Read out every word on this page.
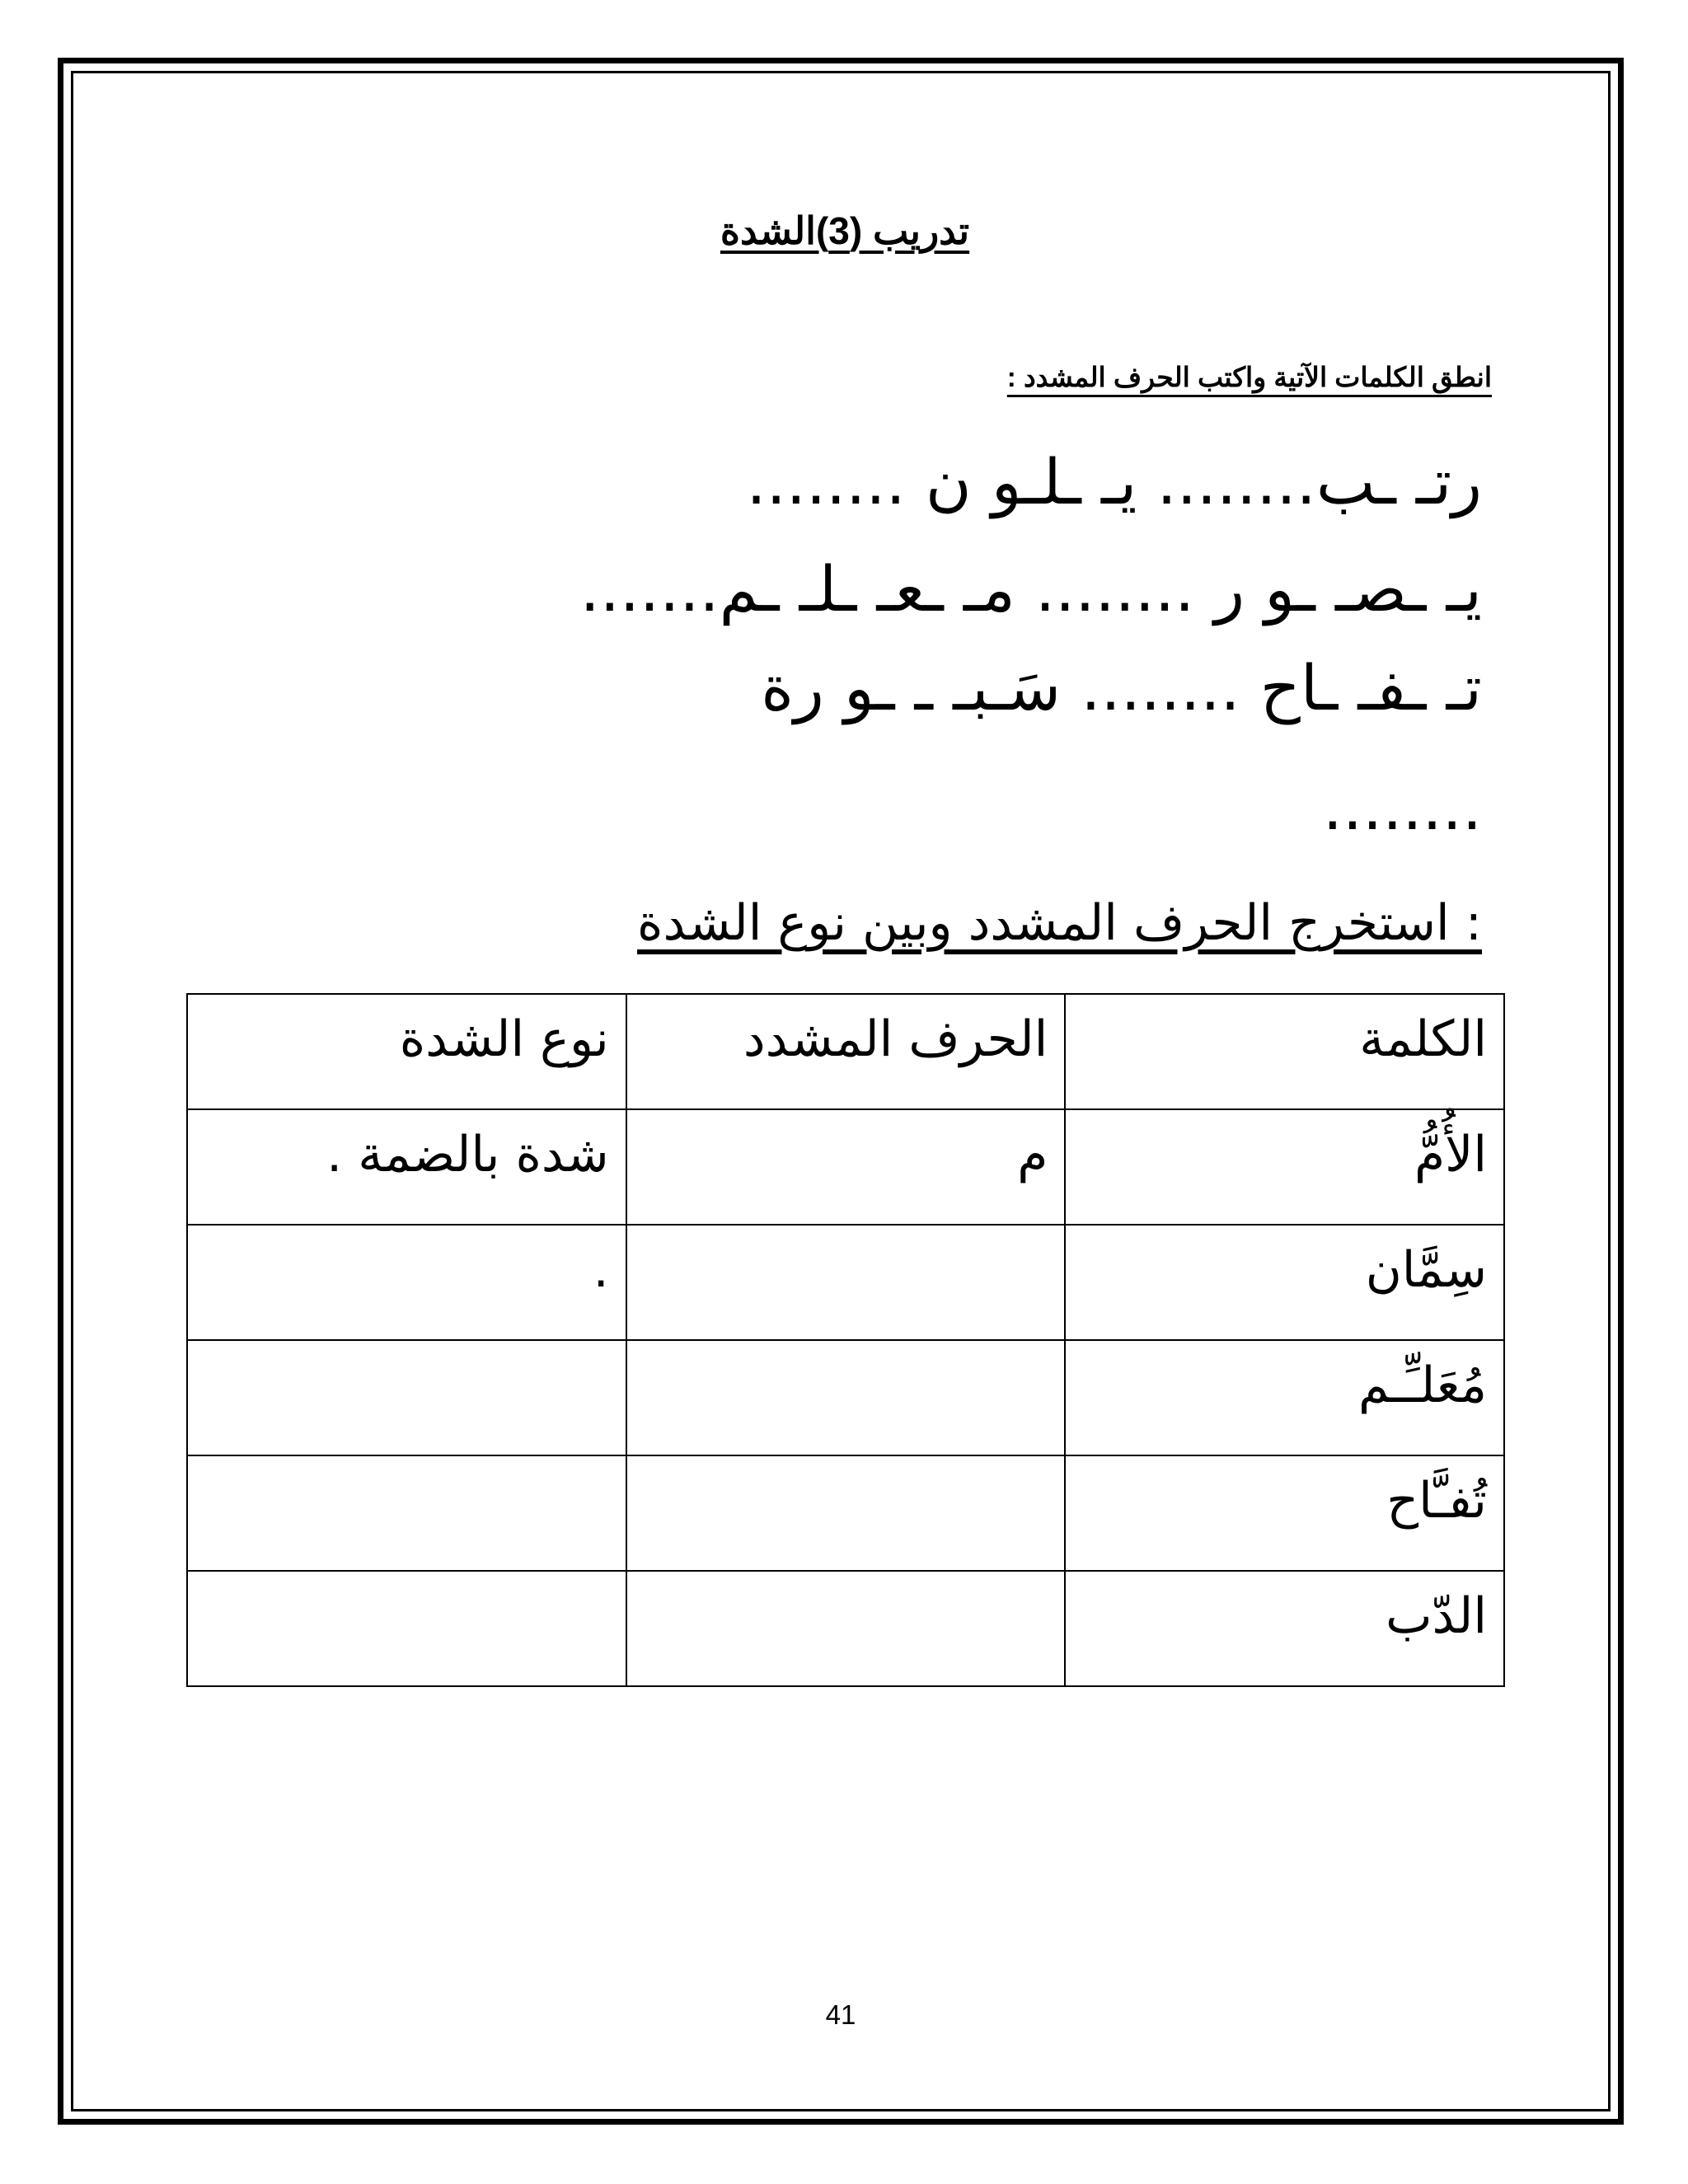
تدريب (3)الشدة
انطق الكلمات الآتية واكتب الحرف المشدد :
رتـ ـب........ يـ ـلـو ن ........
يـ ـصـ ـو ر ........ مـ ـعـ ـلـ ـم.......
تـ ـفـ ـاح ........ سَـبـ ـ ـو رة
........
: استخرج الحرف المشدد وبين نوع الشدة
الكلمة	الحرف المشدد	نوع الشدة
الأُمُّ	م	شدة بالضمة .
سِمَّان		.
مُعَلـِّـم		
تُفـَّاح		
الدّب		
41
